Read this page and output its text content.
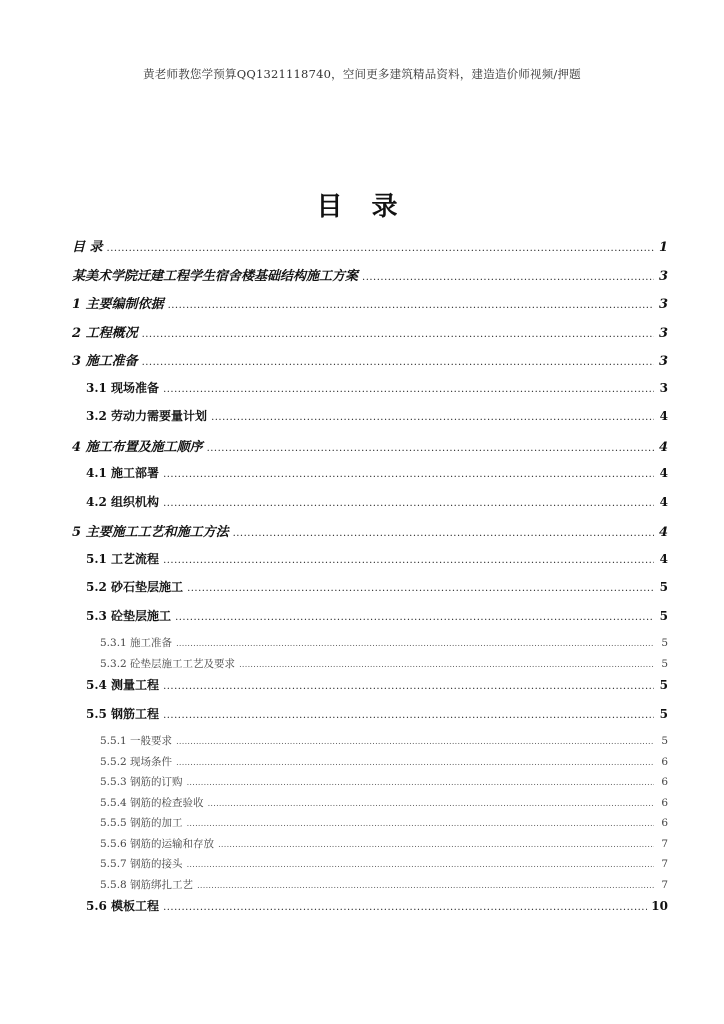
黄老师教您学预算QQ1321118740，空间更多建筑精品资料，建造造价师视频/押题
目 录
目 录 .....	1
某美术学院迁建工程学生宿舍楼基础结构施工方案 .....	3
1 主要编制依据 .....	3
2 工程概况 .....	3
3 施工准备 .....	3
3.1 现场准备 .....	3
3.2 劳动力需要量计划 .....	4
4 施工布置及施工顺序 .....	4
4.1 施工部署 .....	4
4.2 组织机构 .....	4
5 主要施工工艺和施工方法 .....	4
5.1 工艺流程 .....	4
5.2 砂石垫层施工 .....	5
5.3 砼垫层施工 .....	5
5.3.1 施工准备 .....	5
5.3.2 砼垫层施工工艺及要求 .....	5
5.4 测量工程 .....	5
5.5 钢筋工程 .....	5
5.5.1 一般要求 .....	5
5.5.2 现场条件 .....	6
5.5.3 钢筋的订购 .....	6
5.5.4 钢筋的检查验收 .....	6
5.5.5 钢筋的加工 .....	6
5.5.6 钢筋的运输和存放 .....	7
5.5.7 钢筋的接头 .....	7
5.5.8 钢筋绑扎工艺 .....	7
5.6 模板工程 .....	10
